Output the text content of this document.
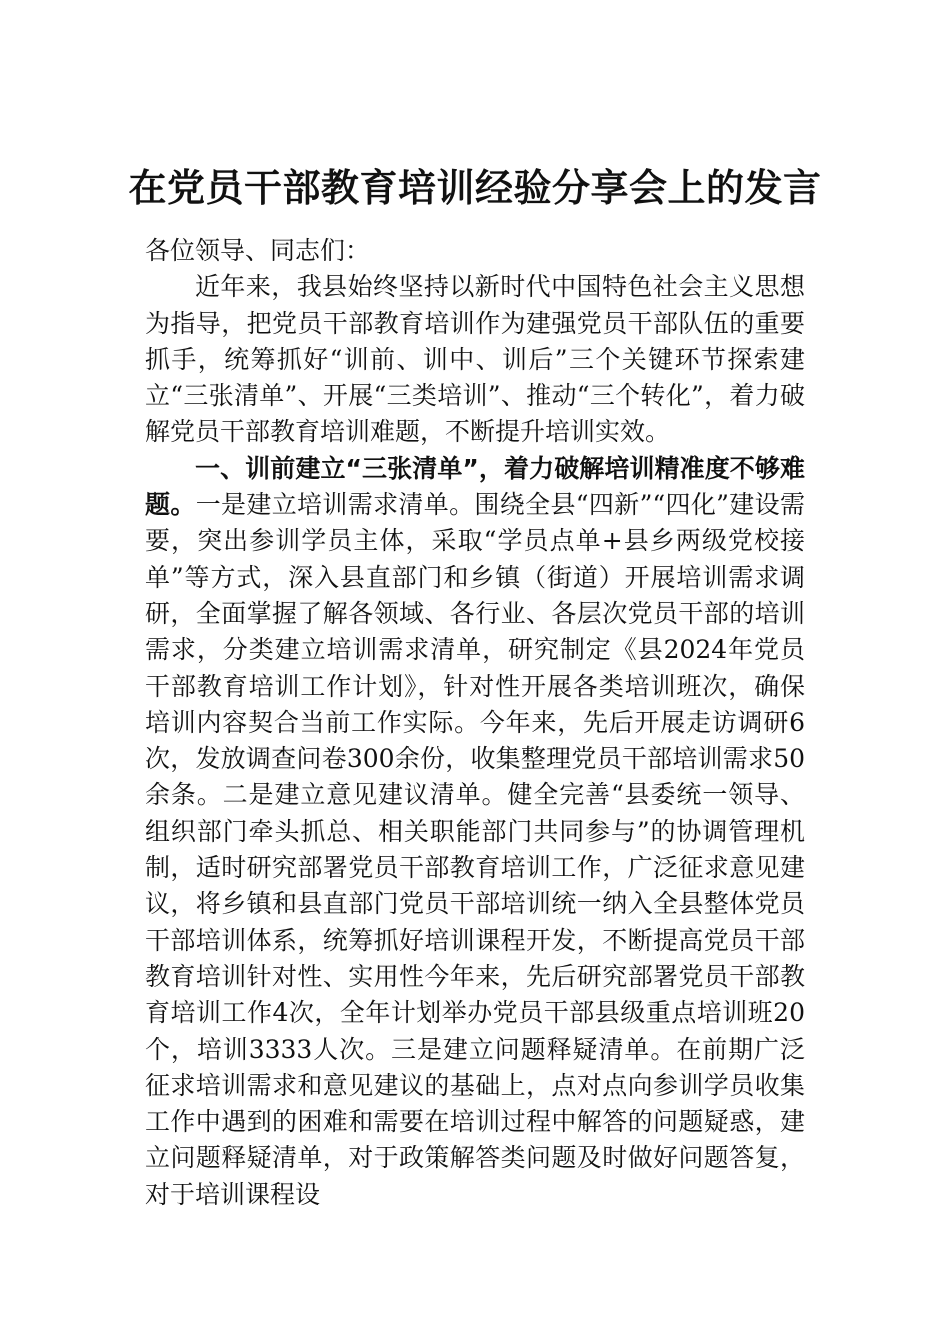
在党员干部教育培训经验分享会上的发言

各位领导、同志们：

近年来，我县始终坚持以新时代中国特色社会主义思想为指导，把党员干部教育培训作为建强党员干部队伍的重要抓手，统筹抓好“训前、训中、训后”三个关键环节探索建立“三张清单”、开展“三类培训”、推动“三个转化”，着力破解党员干部教育培训难题，不断提升培训实效。

一、训前建立“三张清单”，着力破解培训精准度不够难题。一是建立培训需求清单。围绕全县“四新”“四化”建设需要，突出参训学员主体，采取“学员点单+县乡两级党校接单”等方式，深入县直部门和乡镇（街道）开展培训需求调研，全面掌握了解各领域、各行业、各层次党员干部的培训需求，分类建立培训需求清单，研究制定《县2024年党员干部教育培训工作计划》，针对性开展各类培训班次，确保培训内容契合当前工作实际。今年来，先后开展走访调研6次，发放调查问卷300余份，收集整理党员干部培训需求50余条。二是建立意见建议清单。健全完善“县委统一领导、组织部门牵头抓总、相关职能部门共同参与”的协调管理机制，适时研究部署党员干部教育培训工作，广泛征求意见建议，将乡镇和县直部门党员干部培训统一纳入全县整体党员干部培训体系，统筹抓好培训课程开发，不断提高党员干部教育培训针对性、实用性今年来，先后研究部署党员干部教育培训工作4次，全年计划举办党员干部县级重点培训班20个，培训3333人次。三是建立问题释疑清单。在前期广泛征求培训需求和意见建议的基础上，点对点向参训学员收集工作中遇到的困难和需要在培训过程中解答的问题疑惑，建立问题释疑清单，对于政策解答类问题及时做好问题答复，对于培训课程设
